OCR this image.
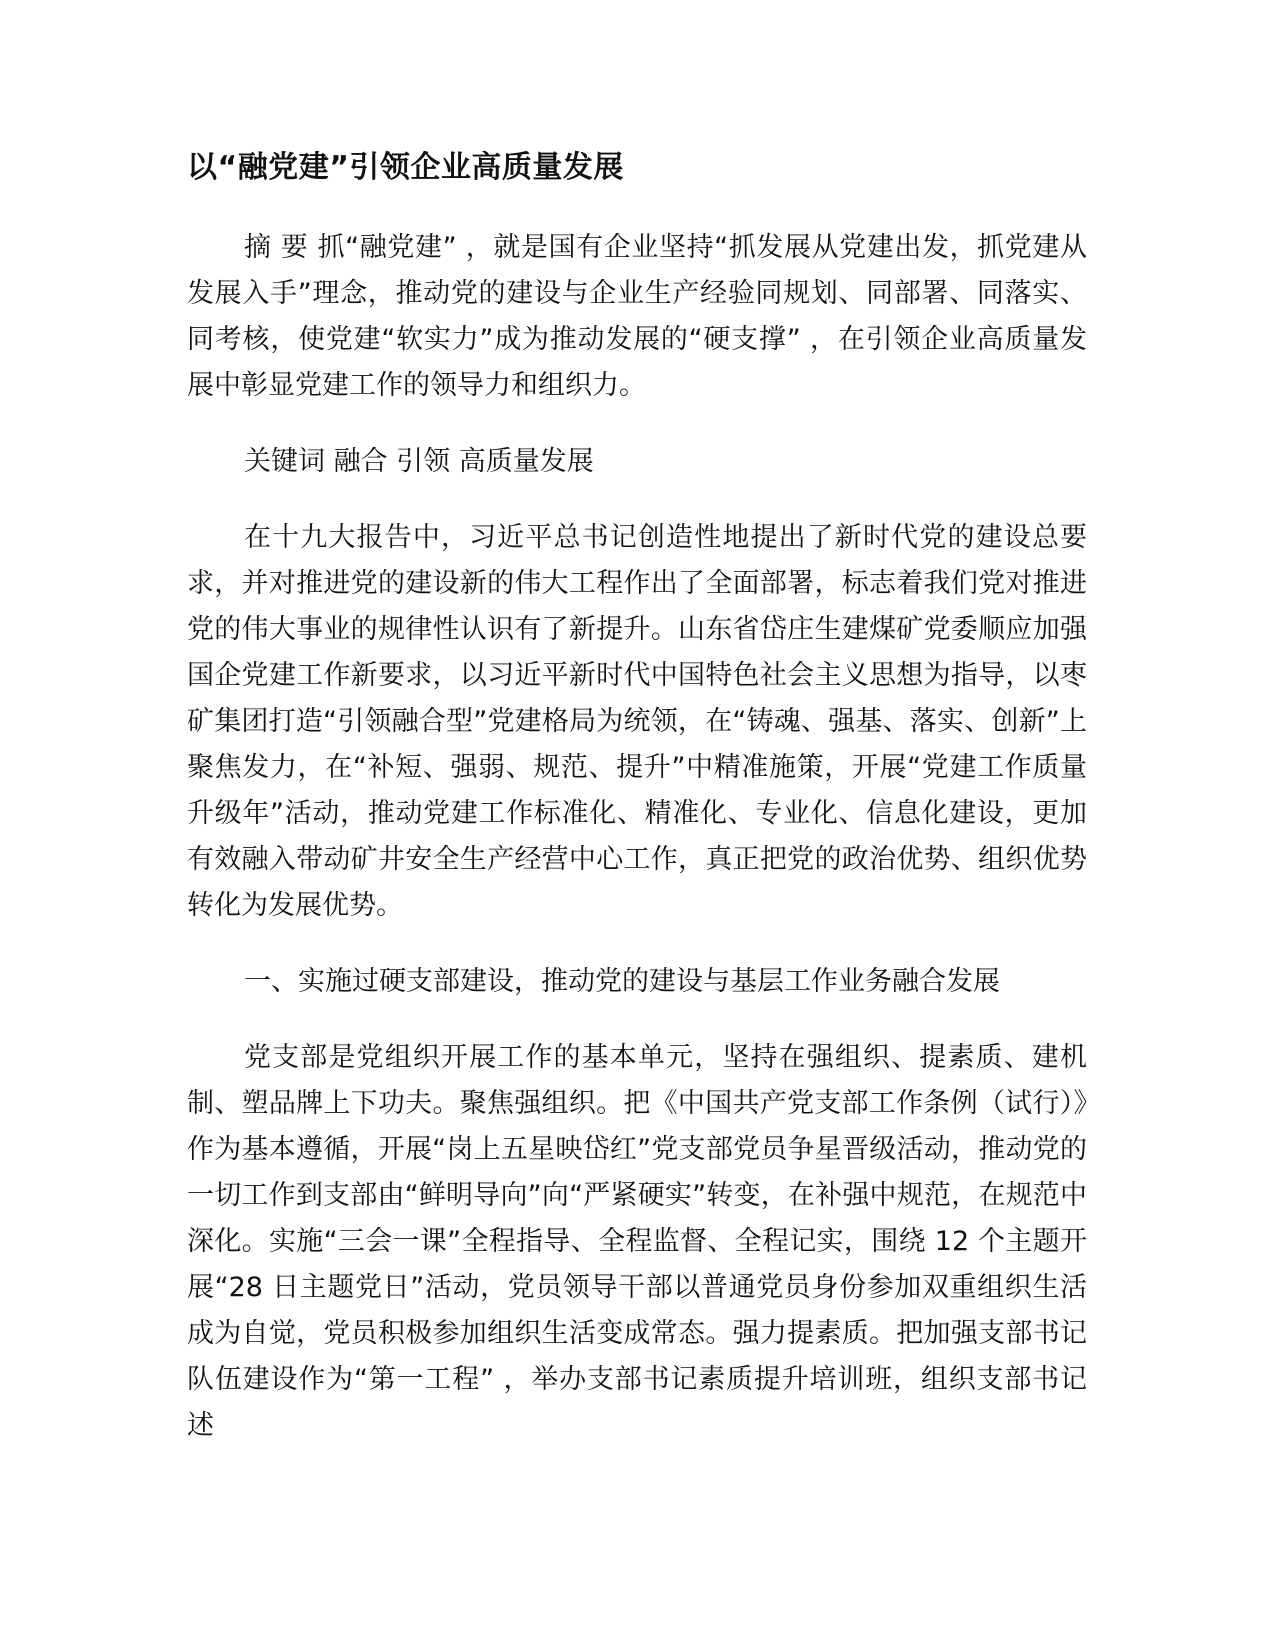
以“融党建”引领企业高质量发展

摘 要 抓“融党建” ，就是国有企业坚持“抓发展从党建出发，抓党建从发展入手”理念，推动党的建设与企业生产经验同规划、同部署、同落实、同考核，使党建“软实力”成为推动发展的“硬支撑” ，在引领企业高质量发展中彰显党建工作的领导力和组织力。

关键词 融合 引领 高质量发展

在十九大报告中，习近平总书记创造性地提出了新时代党的建设总要求，并对推进党的建设新的伟大工程作出了全面部署，标志着我们党对推进党的伟大事业的规律性认识有了新提升。山东省岱庄生建煤矿党委顺应加强国企党建工作新要求，以习近平新时代中国特色社会主义思想为指导，以枣矿集团打造“引领融合型”党建格局为统领，在“铸魂、强基、落实、创新”上聚焦发力，在“补短、强弱、规范、提升”中精准施策，开展“党建工作质量升级年”活动，推动党建工作标准化、精准化、专业化、信息化建设，更加有效融入带动矿井安全生产经营中心工作，真正把党的政治优势、组织优势转化为发展优势。

一、实施过硬支部建设，推动党的建设与基层工作业务融合发展

党支部是党组织开展工作的基本单元，坚持在强组织、提素质、建机制、塑品牌上下功夫。聚焦强组织。把《中国共产党支部工作条例（试行）》作为基本遵循，开展“岗上五星映岱红”党支部党员争星晋级活动，推动党的一切工作到支部由“鲜明导向”向“严紧硬实”转变，在补强中规范，在规范中深化。实施“三会一课”全程指导、全程监督、全程记实，围绕 12 个主题开展“28 日主题党日”活动，党员领导干部以普通党员身份参加双重组织生活成为自觉，党员积极参加组织生活变成常态。强力提素质。把加强支部书记队伍建设作为“第一工程” ，举办支部书记素质提升培训班，组织支部书记述
